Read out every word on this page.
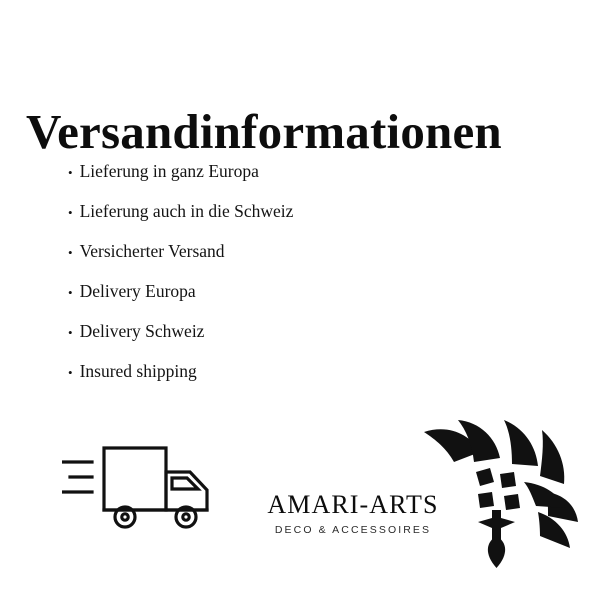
Versandinformationen
• Lieferung in ganz Europa
• Lieferung auch in die Schweiz
• Versicherter Versand
• Delivery Europa
• Delivery Schweiz
• Insured shipping
AMARI-ARTS
DECO & ACCESSOIRES
